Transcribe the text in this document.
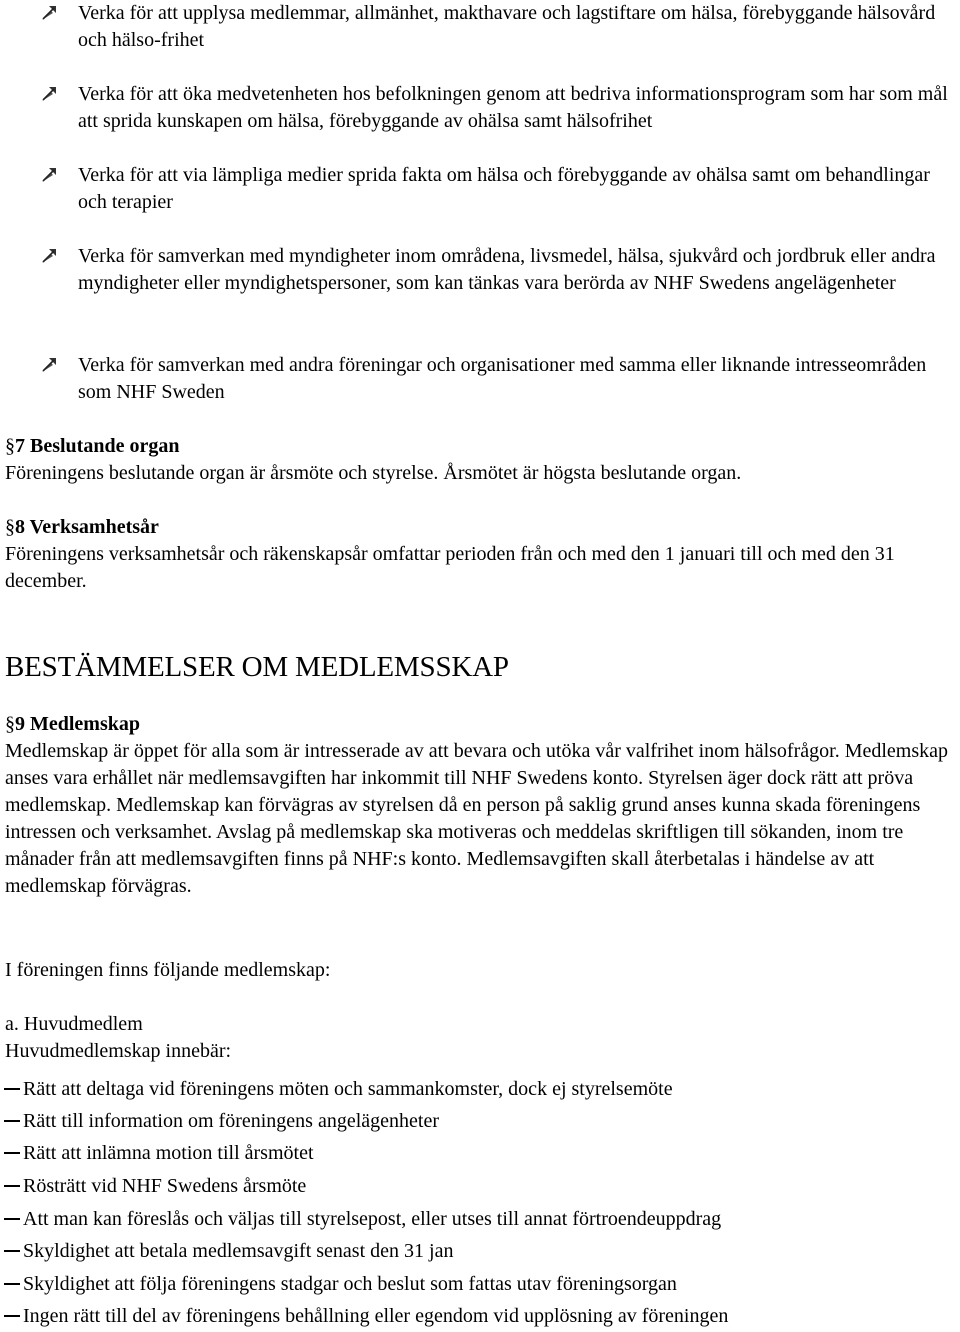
Verka för att upplysa medlemmar, allmänhet, makthavare och lagstiftare om hälsa, förebyggande hälsovård och hälso-frihet
Verka för att öka medvetenheten hos befolkningen genom att bedriva informationsprogram som har som mål att sprida kunskapen om hälsa, förebyggande av ohälsa samt hälsofrihet
Verka för att via lämpliga medier sprida fakta om hälsa och förebyggande av ohälsa samt om behandlingar och terapier
Verka för samverkan med myndigheter inom områdena, livsmedel, hälsa, sjukvård och jordbruk eller andra myndigheter eller myndighetspersoner, som kan tänkas vara berörda av NHF Swedens angelägenheter
Verka för samverkan med andra föreningar och organisationer med samma eller liknande intresseområden som NHF Sweden
§7 Beslutande organ
Föreningens beslutande organ är årsmöte och styrelse. Årsmötet är högsta beslutande organ.
§8 Verksamhetsår
Föreningens verksamhetsår och räkenskapsår omfattar perioden från och med den 1 januari till och med den 31 december.
BESTÄMMELSER OM MEDLEMSSKAP
§9 Medlemskap
Medlemskap är öppet för alla som är intresserade av att bevara och utöka vår valfrihet inom hälsofrågor. Medlemskap anses vara erhållet när medlemsavgiften har inkommit till NHF Swedens konto. Styrelsen äger dock rätt att pröva medlemskap. Medlemskap kan förvägras av styrelsen då en person på saklig grund anses kunna skada föreningens intressen och verksamhet. Avslag på medlemskap ska motiveras och meddelas skriftligen till sökanden, inom tre månader från att medlemsavgiften finns på NHF:s konto. Medlemsavgiften skall återbetalas i händelse av att medlemskap förvägras.
I föreningen finns följande medlemskap:
a. Huvudmedlem
Huvudmedlemskap innebär:
Rätt att deltaga vid föreningens möten och sammankomster, dock ej styrelsemöte
Rätt till information om föreningens angelägenheter
Rätt att inlämna motion till årsmötet
Rösträtt vid NHF Swedens årsmöte
Att man kan föreslås och väljas till styrelsepost, eller utses till annat förtroendeuppdrag
Skyldighet att betala medlemsavgift senast den 31 jan
Skyldighet att följa föreningens stadgar och beslut som fattas utav föreningsorgan
Ingen rätt till del av föreningens behållning eller egendom vid upplösning av föreningen
